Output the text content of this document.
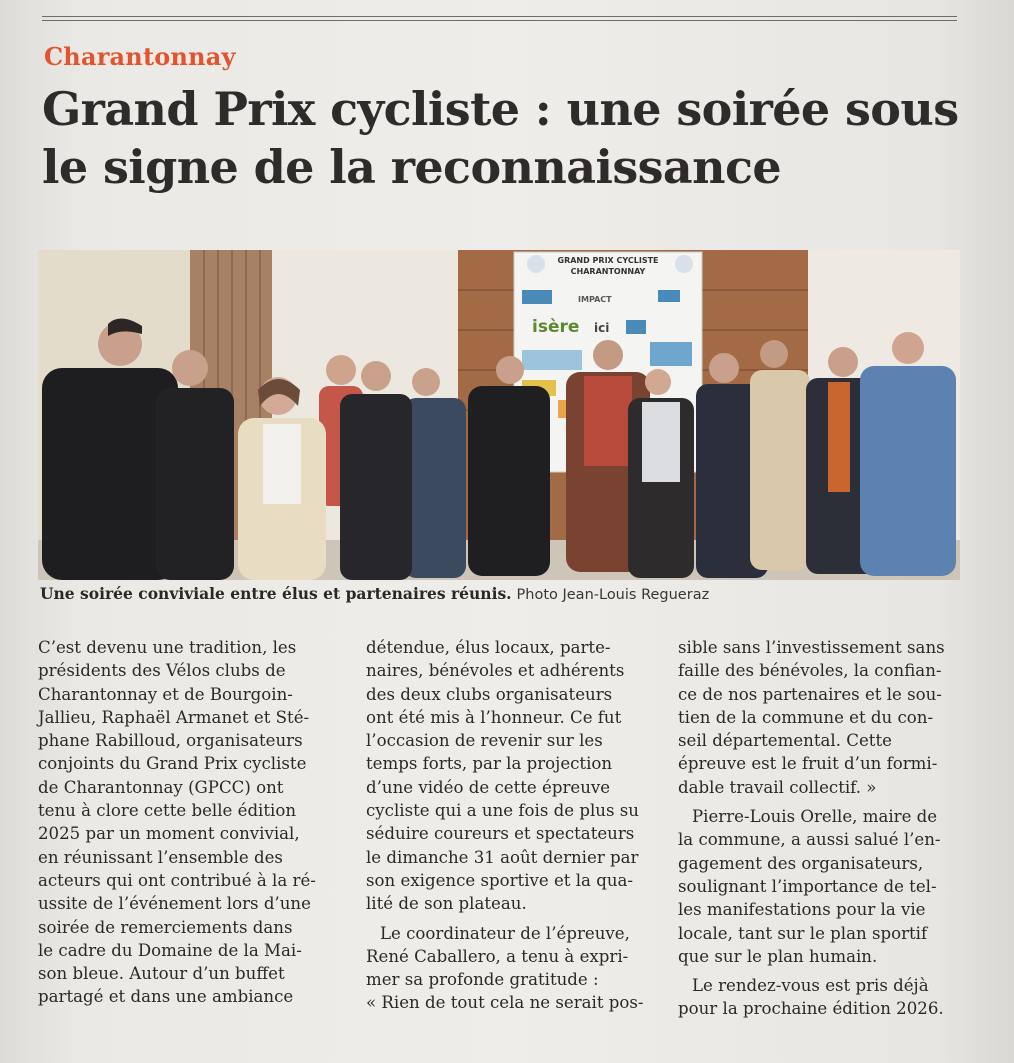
Charantonnay
Grand Prix cycliste : une soirée sous le signe de la reconnaissance
GRAND PRIX CYCLISTE
CHARANTONNAY
IMPACT
isère ici
Une soirée conviviale entre élus et partenaires réunis. Photo Jean-Louis Regueraz

C’est devenu une tradition, les
présidents des Vélos clubs de
Charantonnay et de Bourgoin-
Jallieu, Raphaël Armanet et Sté-
phane Rabilloud, organisateurs
conjoints du Grand Prix cycliste
de Charantonnay (GPCC) ont
tenu à clore cette belle édition
2025 par un moment convivial,
en réunissant l’ensemble des
acteurs qui ont contribué à la ré-
ussite de l’événement lors d’une
soirée de remerciements dans
le cadre du Domaine de la Mai-
son bleue. Autour d’un buffet
partagé et dans une ambiance

détendue, élus locaux, parte-
naires, bénévoles et adhérents
des deux clubs organisateurs
ont été mis à l’honneur. Ce fut
l’occasion de revenir sur les
temps forts, par la projection
d’une vidéo de cette épreuve
cycliste qui a une fois de plus su
séduire coureurs et spectateurs
le dimanche 31 août dernier par
son exigence sportive et la qua-
lité de son plateau.

Le coordinateur de l’épreuve,
René Caballero, a tenu à expri-
mer sa profonde gratitude :
« Rien de tout cela ne serait pos-

sible sans l’investissement sans
faille des bénévoles, la confian-
ce de nos partenaires et le sou-
tien de la commune et du con-
seil départemental. Cette
épreuve est le fruit d’un formi-
dable travail collectif. »

Pierre-Louis Orelle, maire de
la commune, a aussi salué l’en-
gagement des organisateurs,
soulignant l’importance de tel-
les manifestations pour la vie
locale, tant sur le plan sportif
que sur le plan humain.

Le rendez-vous est pris déjà
pour la prochaine édition 2026.
